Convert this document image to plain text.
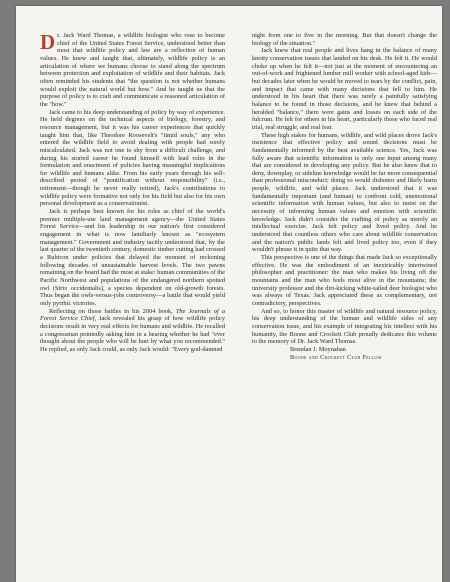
Dr. Jack Ward Thomas, a wildlife biologist who rose to become chief of the United States Forest Service, understood better than most that wildlife policy and law are a reflection of human values. He knew and taught that, ultimately, wildlife policy is an articulation of where we humans choose to stand along the spectrum between protection and exploitation of wildlife and their habitats. Jack often reminded his students that "the question is not whether humans would exploit the natural world but how." And he taught us that the purpose of policy is to craft and communicate a reasoned articulation of the "how."

Jack came to his deep understanding of policy by way of experience. He held degrees on the technical aspects of biology, forestry, and resource management, but it was his career experiences that quickly taught him that, like Theodore Roosevelt's "timid souls," any who entered the wildlife field to avoid dealing with people had sorely miscalculated. Jack was not one to shy from a difficult challenge, and during his storied career he found himself with lead roles in the formulation and enactment of policies having meaningful implications for wildlife and humans alike. From his early years through his self-described period of "pontification without responsibility" (i.e., retirement—though he never really retired), Jack's contributions to wildlife policy were formative not only for his field but also for his own personal development as a conservationist.

Jack is perhaps best known for his roles as chief of the world's premier multiple-use land management agency—the United States Forest Service—and his leadership in our nation's first considered engagement in what is now familiarly known as "ecosystem management." Government and industry tacitly understood that, by the last quarter of the twentieth century, domestic timber cutting had crossed a Rubicon under policies that delayed the moment of reckoning following decades of unsustainable harvest levels. The two pawns remaining on the board had the most at stake: human communities of the Pacific Northwest and populations of the endangered northern spotted owl (Strix occidentalis), a species dependent on old-growth forests. Thus began the owls-versus-jobs controversy—a battle that would yield only pyrrhic victories.

Reflecting on those battles in his 2004 book, The Journals of a Forest Service Chief, Jack revealed his grasp of how wildlife policy decisions result in very real effects for humans and wildlife. He recalled a congressman pointedly asking him in a hearing whether he had "ever thought about the people who will be hurt by what you recommended." He replied, as only Jack could, as only Jack would: "Every god-damned

night from one to five in the morning. But that doesn't change the biology of the situation."

Jack knew that real people and lives hang in the balance of many knotty conservation issues that landed on his desk. He felt it. He would choke up when he felt it—not just at the moment of encountering an out-of-work and frightened lumber mill worker with school-aged kids—but decades later when he would be moved to tears by the conflict, pain, and impact that came with many decisions that fell to him. He understood in his heart that there was rarely a painfully satisfying balance to be found in those decisions, and he knew that behind a heralded "balance," there were gains and losses on each side of the fulcrum. He felt for others in his heart, particularly those who faced real trial, real struggle, and real fear.

These high stakes for humans, wildlife, and wild places drove Jack's insistence that effective policy and sound decisions must be fundamentally informed by the best available science. Yes, Jack was fully aware that scientific information is only one input among many that are considered in developing any policy. But he also knew that to deny, downplay, or sideline knowledge would be far more consequential than professional misconduct; doing so would dishonor and likely harm people, wildlife, and wild places. Jack understood that it was fundamentally important (and human) to confront cold, unemotional scientific information with human values, but also to insist on the necessity of informing human values and emotion with scientific knowledge. Jack didn't consider the crafting of policy as merely an intellectual exercise. Jack felt policy and lived policy. And he understood that countless others who care about wildlife conservation and the nation's public lands felt and lived policy too, even if they wouldn't phrase it in quite that way.

This perspective is one of the things that made Jack so exceptionally effective. He was the embodiment of an inextricably intertwined philosopher and practitioner: the man who makes his living off the mountains and the man who feels most alive in the mountains; the university professor and the dirt-kicking white-tailed deer biologist who was always of Texas. Jack appreciated these as complementary, not contradictory, perspectives.

And so, to honor this master of wildlife and natural resource policy, his deep understanding of the human and wildlife sides of any conservation issue, and his example of integrating his intellect with his humanity, the Boone and Crockett Club proudly dedicates this volume to the memory of Dr. Jack Ward Thomas.

Brendan J. Moynahan
Boone and Crockett Club Fellow
